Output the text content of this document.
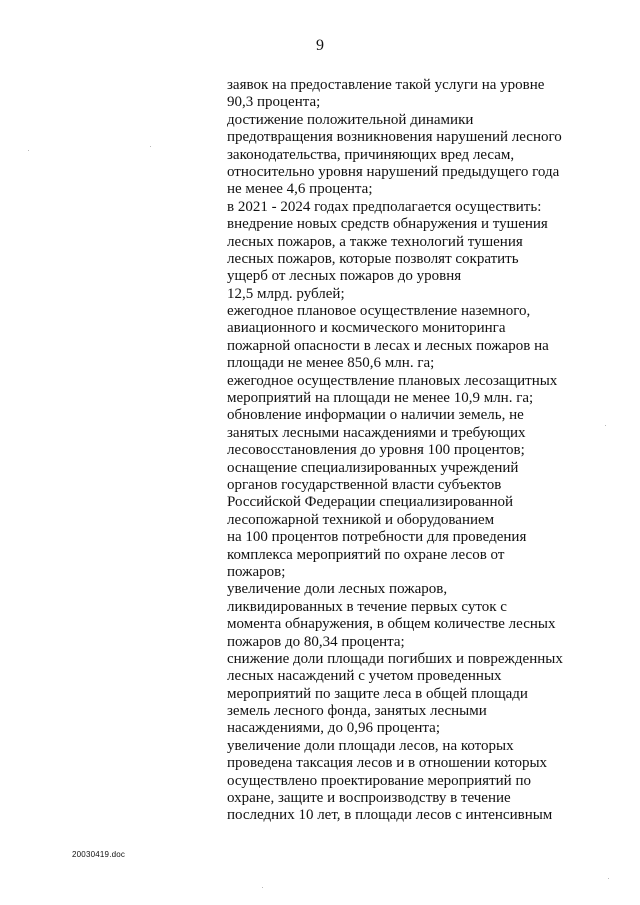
9
заявок на предоставление такой услуги на уровне
90,3 процента;
достижение положительной динамики
предотвращения возникновения нарушений лесного
законодательства, причиняющих вред лесам,
относительно уровня нарушений предыдущего года
не менее 4,6 процента;
в 2021 - 2024 годах предполагается осуществить:
внедрение новых средств обнаружения и тушения
лесных пожаров, а также технологий тушения
лесных пожаров, которые позволят сократить
ущерб от лесных пожаров до уровня
12,5 млрд. рублей;
ежегодное плановое осуществление наземного,
авиационного и космического мониторинга
пожарной опасности в лесах и лесных пожаров на
площади не менее 850,6 млн. га;
ежегодное осуществление плановых лесозащитных
мероприятий на площади не менее 10,9 млн. га;
обновление информации о наличии земель, не
занятых лесными насаждениями и требующих
лесовосстановления до уровня 100 процентов;
оснащение специализированных учреждений
органов государственной власти субъектов
Российской Федерации специализированной
лесопожарной техникой и оборудованием
на 100 процентов потребности для проведения
комплекса мероприятий по охране лесов от
пожаров;
увеличение доли лесных пожаров,
ликвидированных в течение первых суток с
момента обнаружения, в общем количестве лесных
пожаров до 80,34 процента;
снижение доли площади погибших и поврежденных
лесных насаждений с учетом проведенных
мероприятий по защите леса в общей площади
земель лесного фонда, занятых лесными
насаждениями, до 0,96 процента;
увеличение доли площади лесов, на которых
проведена таксация лесов и в отношении которых
осуществлено проектирование мероприятий по
охране, защите и воспроизводству в течение
последних 10 лет, в площади лесов с интенсивным
20030419.doc
